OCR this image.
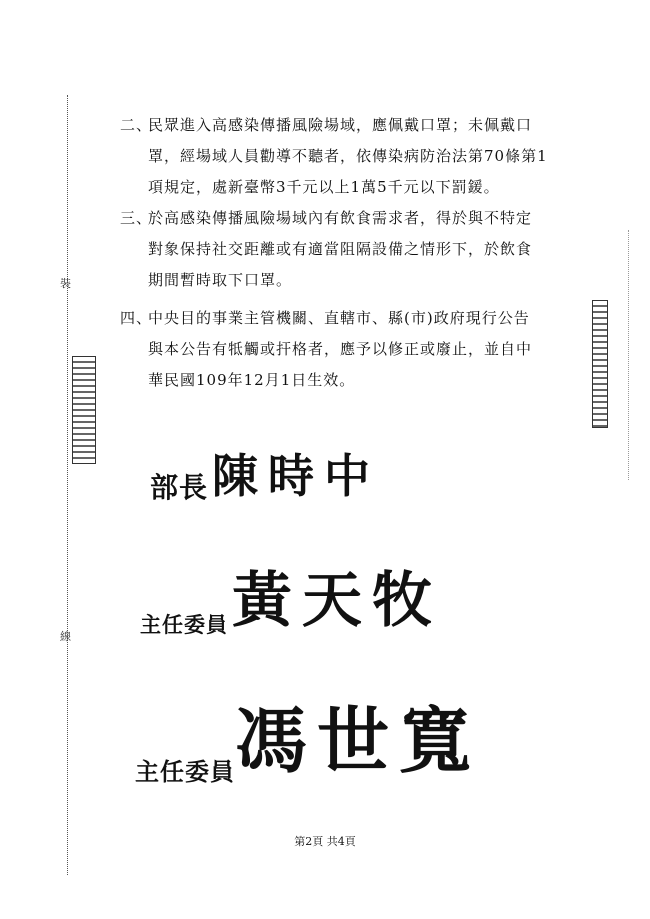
裝
線
二、
民眾進入高感染傳播風險場域，應佩戴口罩；未佩戴口
罩，經場域人員勸導不聽者，依傳染病防治法第70條第1
項規定，處新臺幣3千元以上1萬5千元以下罰鍰。
三、
於高感染傳播風險場域內有飲食需求者，得於與不特定
對象保持社交距離或有適當阻隔設備之情形下，於飲食
期間暫時取下口罩。
四、
中央目的事業主管機關、直轄市、縣(市)政府現行公告
與本公告有牴觸或扞格者，應予以修正或廢止，並自中
華民國109年12月1日生效。
部長 陳時中
主任委員 黃天牧
主任委員 馮世寬
第2頁 共4頁
